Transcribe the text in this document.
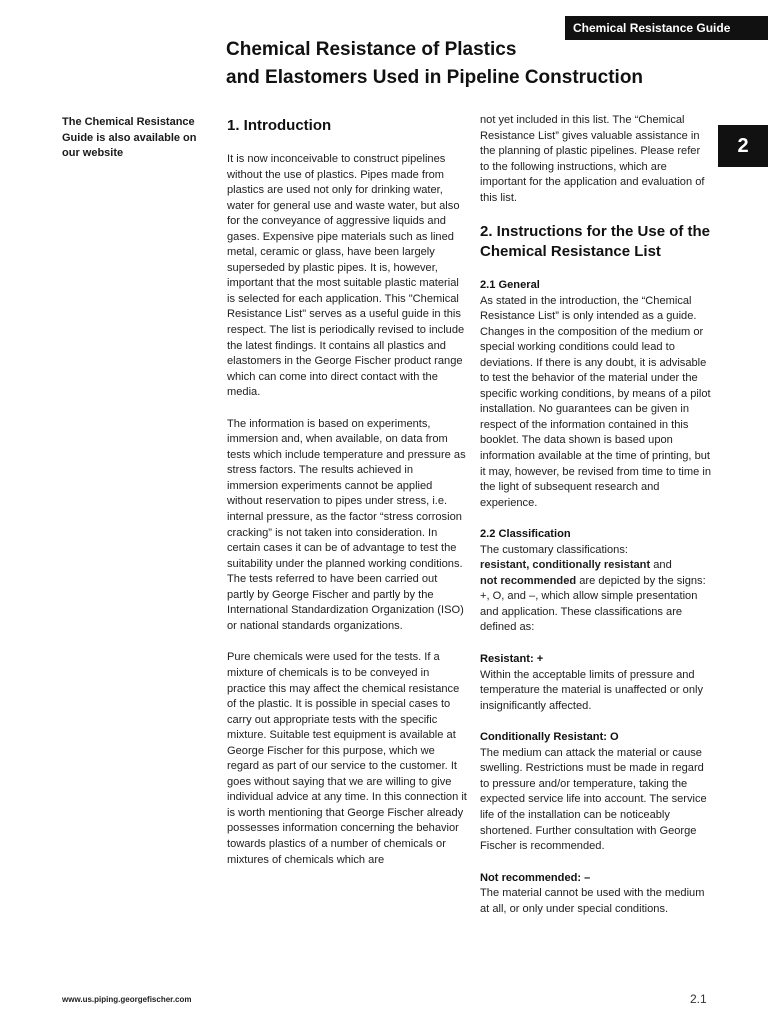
Chemical Resistance Guide
Chemical Resistance of Plastics
and Elastomers Used in Pipeline Construction
The Chemical Resistance Guide is also available on our website	2
1. Introduction

It is now inconceivable to construct pipelines without the use of plastics. Pipes made from plastics are used not only for drinking water, water for general use and waste water, but also for the conveyance of aggressive liquids and gases. Expensive pipe materials such as lined metal, ceramic or glass, have been largely superseded by plastic pipes. It is, however, important that the most suitable plastic material is selected for each application. This "Chemical Resistance List" serves as a useful guide in this respect. The list is periodically revised to include the latest findings. It contains all plastics and elastomers in the George Fischer product range which can come into direct contact with the media.

The information is based on experiments, immersion and, when available, on data from tests which include temperature and pressure as stress factors. The results achieved in immersion experiments cannot be applied without reservation to pipes under stress, i.e. internal pressure, as the factor “stress corrosion cracking” is not taken into consideration. In certain cases it can be of advantage to test the suitability under the planned working conditions. The tests referred to have been carried out partly by George Fischer and partly by the International Standardization Organization (ISO) or national standards organizations.

Pure chemicals were used for the tests. If a mixture of chemicals is to be conveyed in practice this may affect the chemical resistance of the plastic. It is possible in special cases to carry out appropriate tests with the specific mixture. Suitable test equipment is available at George Fischer for this purpose, which we regard as part of our service to the customer. It goes without saying that we are willing to give individual advice at any time. In this connection it is worth mentioning that George Fischer already possesses information concerning the behavior towards plastics of a number of chemicals or mixtures of chemicals which are

not yet included in this list. The “Chemical Resistance List” gives valuable assistance in the planning of plastic pipelines. Please refer to the following instructions, which are important for the application and evaluation of this list.

2. Instructions for the Use of the Chemical Resistance List

2.1 General

As stated in the introduction, the “Chemical Resistance List” is only intended as a guide. Changes in the composition of the medium or special working conditions could lead to deviations. If there is any doubt, it is advisable to test the behavior of the material under the specific working conditions, by means of a pilot installation. No guarantees can be given in respect of the information contained in this booklet. The data shown is based upon information available at the time of printing, but it may, however, be revised from time to time in the light of subsequent research and experience.

2.2 Classification

The customary classifications:
resistant, conditionally resistant and
not recommended are depicted by the signs: +, O, and –, which allow simple presentation and application. These classifications are defined as:

Resistant: +

Within the acceptable limits of pressure and temperature the material is unaffected or only insignificantly affected.

Conditionally Resistant: O

The medium can attack the material or cause swelling. Restrictions must be made in regard to pressure and/or temperature, taking the expected service life into account. The service life of the installation can be noticeably shortened. Further consultation with George Fischer is recommended.

Not recommended: –

The material cannot be used with the medium at all, or only under special conditions.

www.us.piping.georgefischer.com	2.1
